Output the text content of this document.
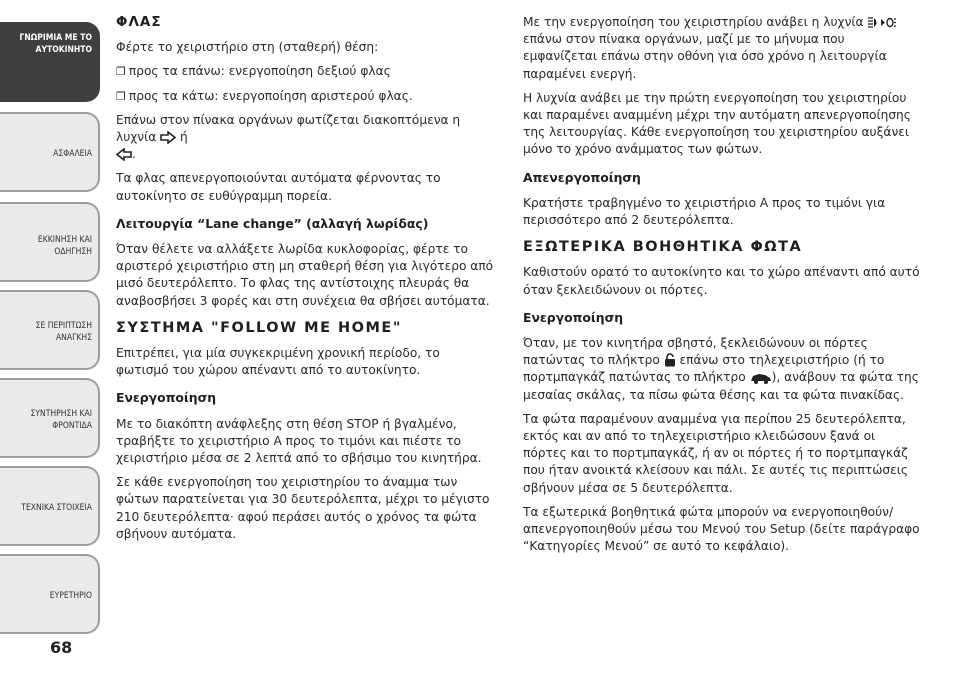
ΓΝΩΡΙΜΙΑ ΜΕ ΤΟ
ΑΥΤΟΚΙΝΗΤΟ
ΑΣΦΑΛΕΙΑ
ΕΚΚΙΝΗΣΗ ΚΑΙ
ΟΔΗΓΗΣΗ
ΣΕ ΠΕΡΙΠΤΩΣΗ
ΑΝΑΓΚΗΣ
ΣΥΝΤΗΡΗΣΗ ΚΑΙ
ΦΡΟΝΤΙΔΑ
ΤΕΧΝΙΚΑ ΣΤΟΙΧΕΙΑ
ΕΥΡΕΤΗΡΙΟ
68
ΦΛΑΣ

Φέρτε το χειριστήριο στη (σταθερή) θέση:

❐ προς τα επάνω: ενεργοποίηση δεξιού φλας
❐ προς τα κάτω: ενεργοποίηση αριστερού φλας.

Επάνω στον πίνακα οργάνων φωτίζεται διακοπτόμενα η λυχνία ή
.

Τα φλας απενεργοποιούνται αυτόματα φέρνοντας το αυτοκίνητο σε ευθύγραμμη πορεία.

Λειτουργία “Lane change” (αλλαγή λωρίδας)

Όταν θέλετε να αλλάξετε λωρίδα κυκλοφορίας, φέρτε το αριστερό χειριστήριο στη μη σταθερή θέση για λιγότερο από μισό δευτερόλεπτο. Το φλας της αντίστοιχης πλευράς θα αναβοσβήσει 3 φορές και στη συνέχεια θα σβήσει αυτόματα.

ΣΥΣΤΗΜΑ "FOLLOW ME HOME"

Επιτρέπει, για μία συγκεκριμένη χρονική περίοδο, το φωτισμό του χώρου απέναντι από το αυτοκίνητο.

Ενεργοποίηση

Με το διακόπτη ανάφλεξης στη θέση STOP ή βγαλμένο, τραβήξτε το χειριστήριο A προς το τιμόνι και πιέστε το χειριστήριο μέσα σε 2 λεπτά από το σβήσιμο του κινητήρα.

Σε κάθε ενεργοποίηση του χειριστηρίου το άναμμα των φώτων παρατείνεται για 30 δευτερόλεπτα, μέχρι το μέγιστο 210 δευτερόλεπτα· αφού περάσει αυτός ο χρόνος τα φώτα σβήνουν αυτόματα.

Με την ενεργοποίηση του χειριστηρίου ανάβει η λυχνία  επάνω στον πίνακα οργάνων, μαζί με το μήνυμα που εμφανίζεται επάνω στην οθόνη για όσο χρόνο η λειτουργία παραμένει ενεργή.

Η λυχνία ανάβει με την πρώτη ενεργοποίηση του χειριστηρίου και παραμένει αναμμένη μέχρι την αυτόματη απενεργοποίησης της λειτουργίας. Κάθε ενεργοποίηση του χειριστηρίου αυξάνει μόνο το χρόνο ανάμματος των φώτων.

Απενεργοποίηση

Κρατήστε τραβηγμένο το χειριστήριο A προς το τιμόνι για περισσότερο από 2 δευτερόλεπτα.

ΕΞΩΤΕΡΙΚΑ ΒΟΗΘΗΤΙΚΑ ΦΩΤΑ

Καθιστούν ορατό το αυτοκίνητο και το χώρο απέναντι από αυτό όταν ξεκλειδώνουν οι πόρτες.

Ενεργοποίηση

Όταν, με τον κινητήρα σβηστό, ξεκλειδώνουν οι πόρτες πατώντας το πλήκτρο επάνω στο τηλεχειριστήριο (ή το πορτμπαγκάζ πατώντας το πλήκτρο ), ανάβουν τα φώτα της μεσαίας σκάλας, τα πίσω φώτα θέσης και τα φώτα πινακίδας.

Τα φώτα παραμένουν αναμμένα για περίπου 25 δευτερόλεπτα, εκτός και αν από το τηλεχειριστήριο κλειδώσουν ξανά οι πόρτες και το πορτμπαγκάζ, ή αν οι πόρτες ή το πορτμπαγκάζ που ήταν ανοικτά κλείσουν και πάλι. Σε αυτές τις περιπτώσεις σβήνουν μέσα σε 5 δευτερόλεπτα.

Τα εξωτερικά βοηθητικά φώτα μπορούν να ενεργοποιηθούν/απενεργοποιηθούν μέσω του Μενού του Setup (δείτε παράγραφο “Κατηγορίες Μενού” σε αυτό το κεφάλαιο).
